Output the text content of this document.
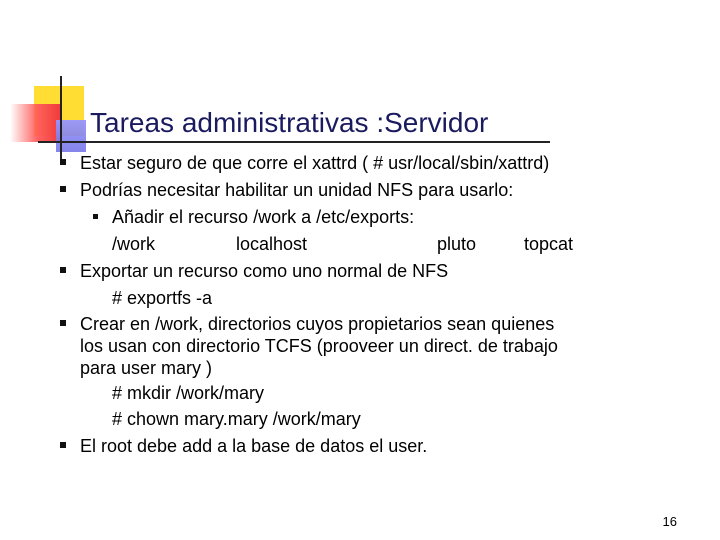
Tareas administrativas :Servidor
Estar seguro de que corre el xattrd ( # usr/local/sbin/xattrd)
Podrías necesitar habilitar un unidad NFS para usarlo:
Añadir el recurso /work a /etc/exports:
/work	localhost	pluto	topcat
Exportar un recurso como uno normal de NFS
# exportfs -a
Crear en /work, directorios cuyos propietarios sean quienes
los usan con directorio TCFS (prooveer un direct. de trabajo
para user mary )
# mkdir /work/mary
# chown mary.mary /work/mary
El root debe add a la base de datos el user.
16
